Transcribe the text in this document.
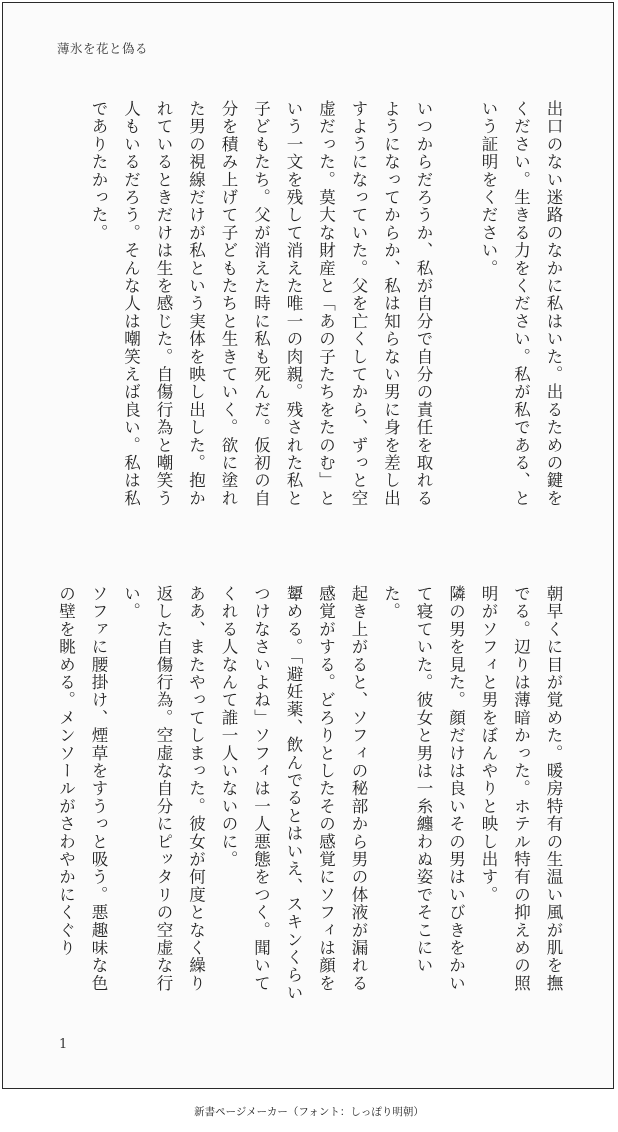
薄氷を花と偽る

出口のない迷路のなかに私はいた。出るための鍵をください。生きる力をください。私が私である、という証明をください。

いつからだろうか、私が自分で自分の責任を取れるようになってからか、私は知らない男に身を差し出すようになっていた。父を亡くしてから、ずっと空虚だった。莫大な財産と「あの子たちをたのむ」という一文を残して消えた唯一の肉親。残された私と子どもたち。父が消えた時に私も死んだ。仮初の自分を積み上げて子どもたちと生きていく。欲に塗れた男の視線だけが私という実体を映し出した。抱かれているときだけは生を感じた。自傷行為と嘲笑う人もいるだろう。そんな人は嘲笑えば良い。私は私でありたかった。

朝早くに目が覚めた。暖房特有の生温い風が肌を撫でる。辺りは薄暗かった。ホテル特有の抑えめの照明がソフィと男をぼんやりと映し出す。

隣の男を見た。顔だけは良いその男はいびきをかいて寝ていた。彼女と男は一糸纏わぬ姿でそこにいた。

起き上がると、ソフィの秘部から男の体液が漏れる感覚がする。どろりとしたその感覚にソフィは顔を顰める。「避妊薬、飲んでるとはいえ、スキンくらいつけなさいよね」ソフィは一人悪態をつく。聞いてくれる人なんて誰一人いないのに。

ああ、またやってしまった。彼女が何度となく繰り返した自傷行為。空虚な自分にピッタリの空虚な行い。

ソファに腰掛け、煙草をすうっと吸う。悪趣味な色の壁を眺める。メンソールがさわやかにくぐり

1

新書ページメーカー（フォント：しっぽり明朝）
